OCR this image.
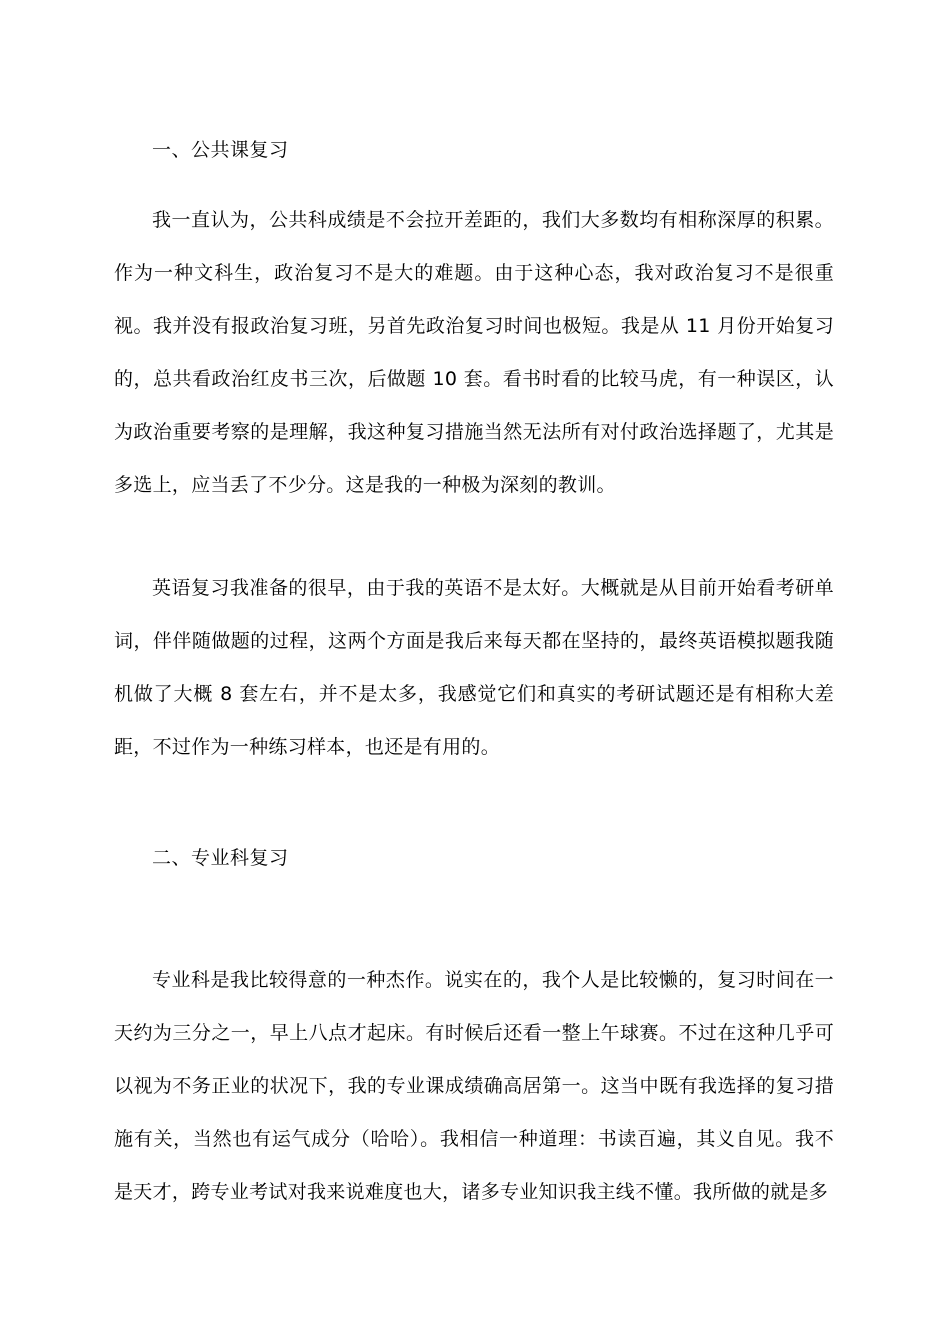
一、公共课复习

我一直认为，公共科成绩是不会拉开差距的，我们大多数均有相称深厚的积累。作为一种文科生，政治复习不是大的难题。由于这种心态，我对政治复习不是很重视。我并没有报政治复习班，另首先政治复习时间也极短。我是从 11 月份开始复习的，总共看政治红皮书三次，后做题 10 套。看书时看的比较马虎，有一种误区，认为政治重要考察的是理解，我这种复习措施当然无法所有对付政治选择题了，尤其是多选上，应当丢了不少分。这是我的一种极为深刻的教训。

英语复习我准备的很早，由于我的英语不是太好。大概就是从目前开始看考研单词，伴伴随做题的过程，这两个方面是我后来每天都在坚持的，最终英语模拟题我随机做了大概 8 套左右，并不是太多，我感觉它们和真实的考研试题还是有相称大差距，不过作为一种练习样本，也还是有用的。

二、专业科复习

专业科是我比较得意的一种杰作。说实在的，我个人是比较懒的，复习时间在一天约为三分之一，早上八点才起床。有时候后还看一整上午球赛。不过在这种几乎可以视为不务正业的状况下，我的专业课成绩确高居第一。这当中既有我选择的复习措施有关，当然也有运气成分（哈哈）。我相信一种道理：书读百遍，其义自见。我不是天才，跨专业考试对我来说难度也大，诸多专业知识我主线不懂。我所做的就是多
